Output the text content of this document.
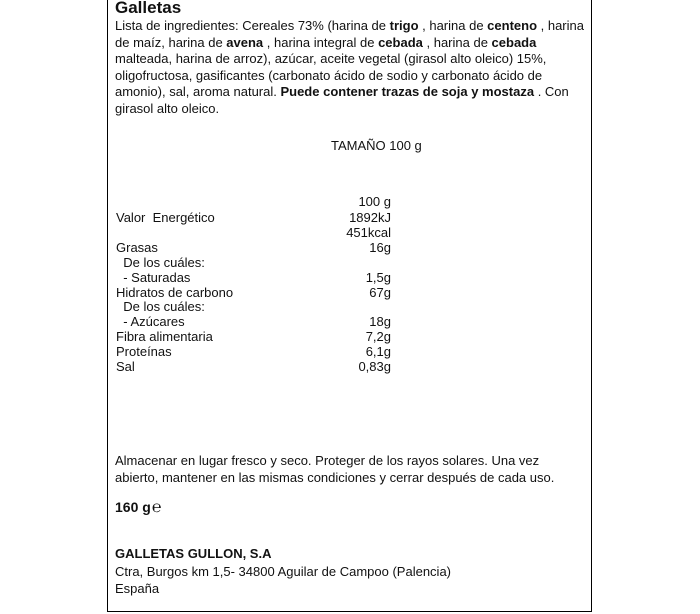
Galletas
Lista de ingredientes: Cereales 73% (harina de trigo , harina de centeno , harina de maíz, harina de avena , harina integral de cebada , harina de cebada malteada, harina de arroz), azúcar, aceite vegetal (girasol alto oleico) 15%, oligofructosa, gasificantes (carbonato ácido de sodio y carbonato ácido de amonio), sal, aroma natural. Puede contener trazas de soja y mostaza . Con girasol alto oleico.
TAMAÑO 100 g
100 g
Valor  Energético	1892kJ
451kcal
Grasas	16g
De los cuáles:
- Saturadas	1,5g
Hidratos de carbono	67g
De los cuáles:
- Azúcares	18g
Fibra alimentaria	7,2g
Proteínas	6,1g
Sal	0,83g
Almacenar en lugar fresco y seco. Proteger de los rayos solares. Una vez abierto, mantener en las mismas condiciones y cerrar después de cada uso.
160 g℮
GALLETAS GULLON, S.A
Ctra, Burgos km 1,5- 34800 Aguilar de Campoo (Palencia)
España
